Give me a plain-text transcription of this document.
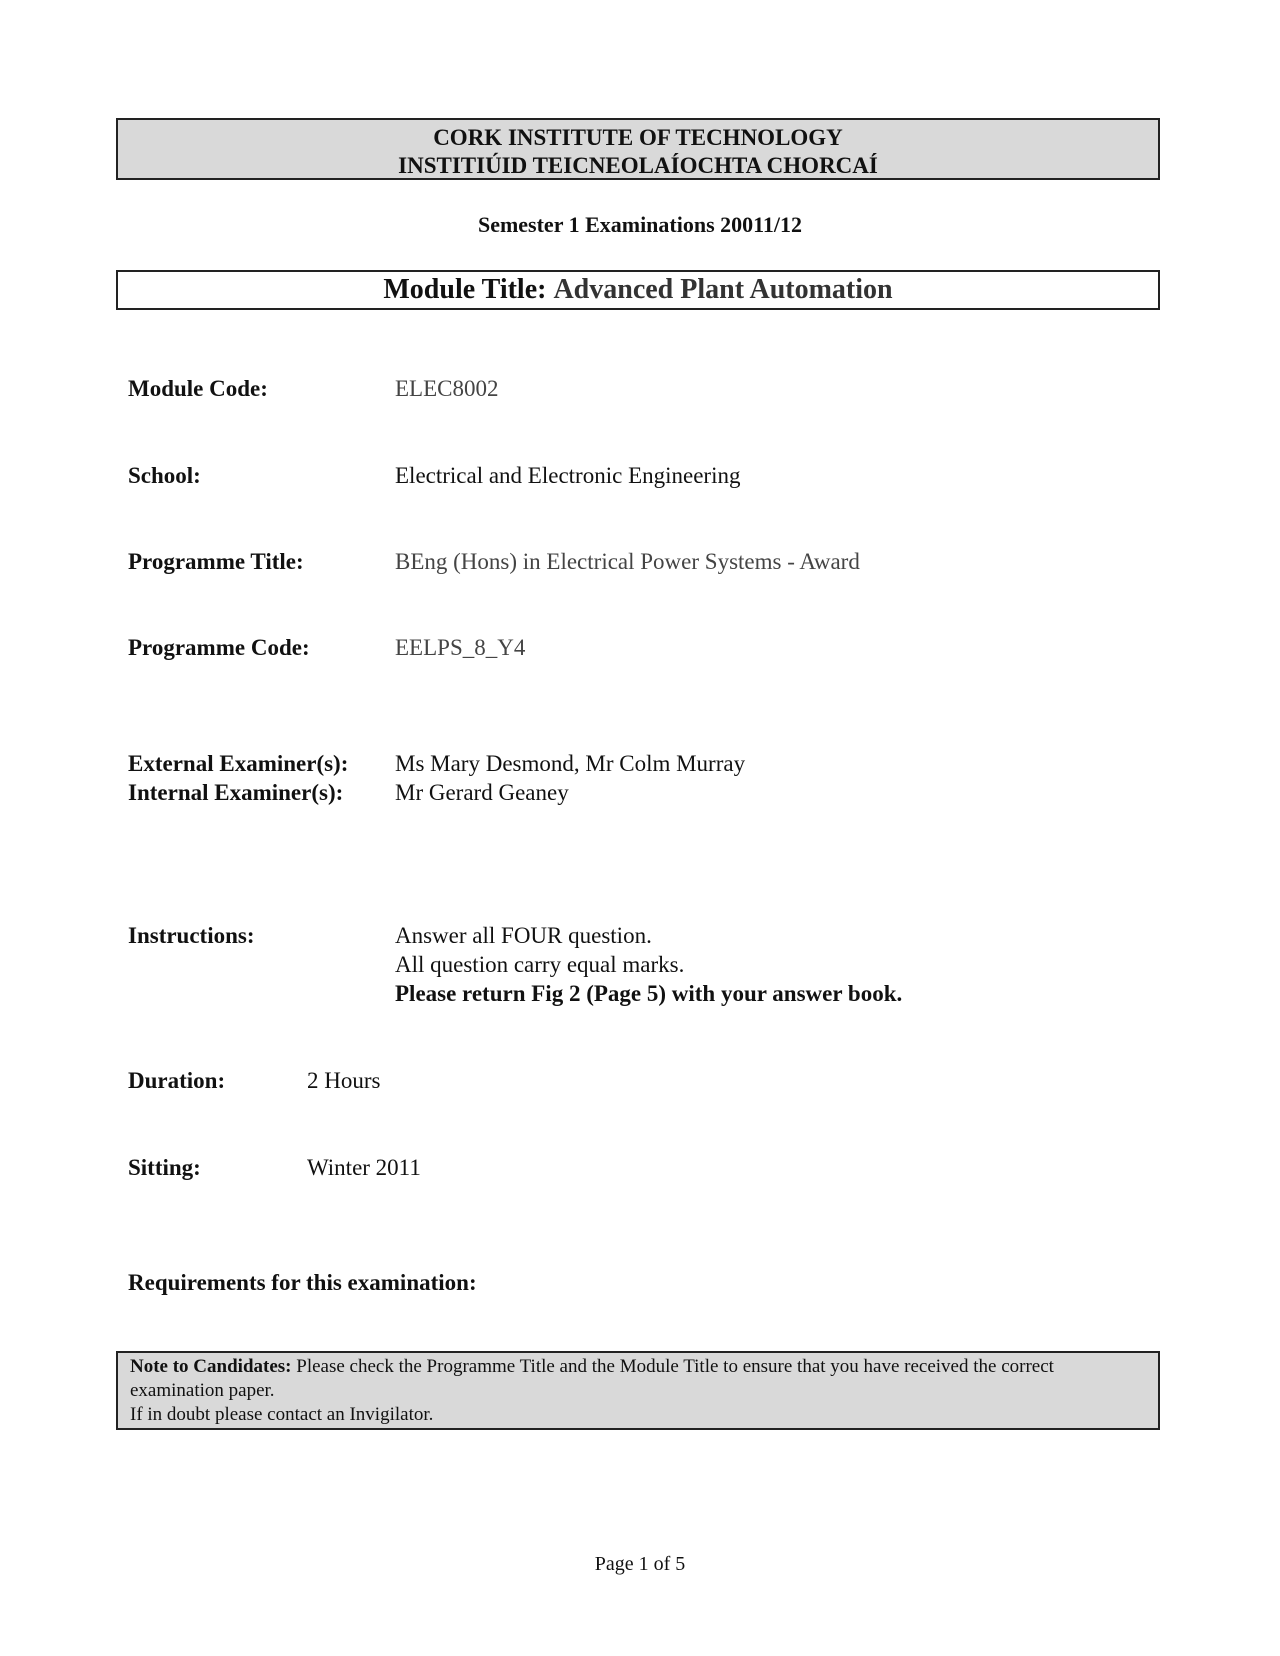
CORK INSTITUTE OF TECHNOLOGY
INSTITIÚID TEICNEOLAÍOCHTA CHORCAÍ
Semester 1 Examinations 20011/12
Module Title: Advanced Plant Automation
Module Code:	ELEC8002
School:	Electrical and Electronic Engineering
Programme Title:	BEng (Hons) in Electrical Power Systems - Award
Programme Code:	EELPS_8_Y4
External Examiner(s): Ms Mary Desmond, Mr Colm Murray
Internal Examiner(s): Mr Gerard Geaney
Instructions:	Answer all FOUR question.
All question carry equal marks.
Please return Fig 2 (Page 5) with your answer book.
Duration:	2 Hours
Sitting:	Winter 2011
Requirements for this examination:
Note to Candidates: Please check the Programme Title and the Module Title to ensure that you have received the correct examination paper.
If in doubt please contact an Invigilator.
Page 1 of 5
